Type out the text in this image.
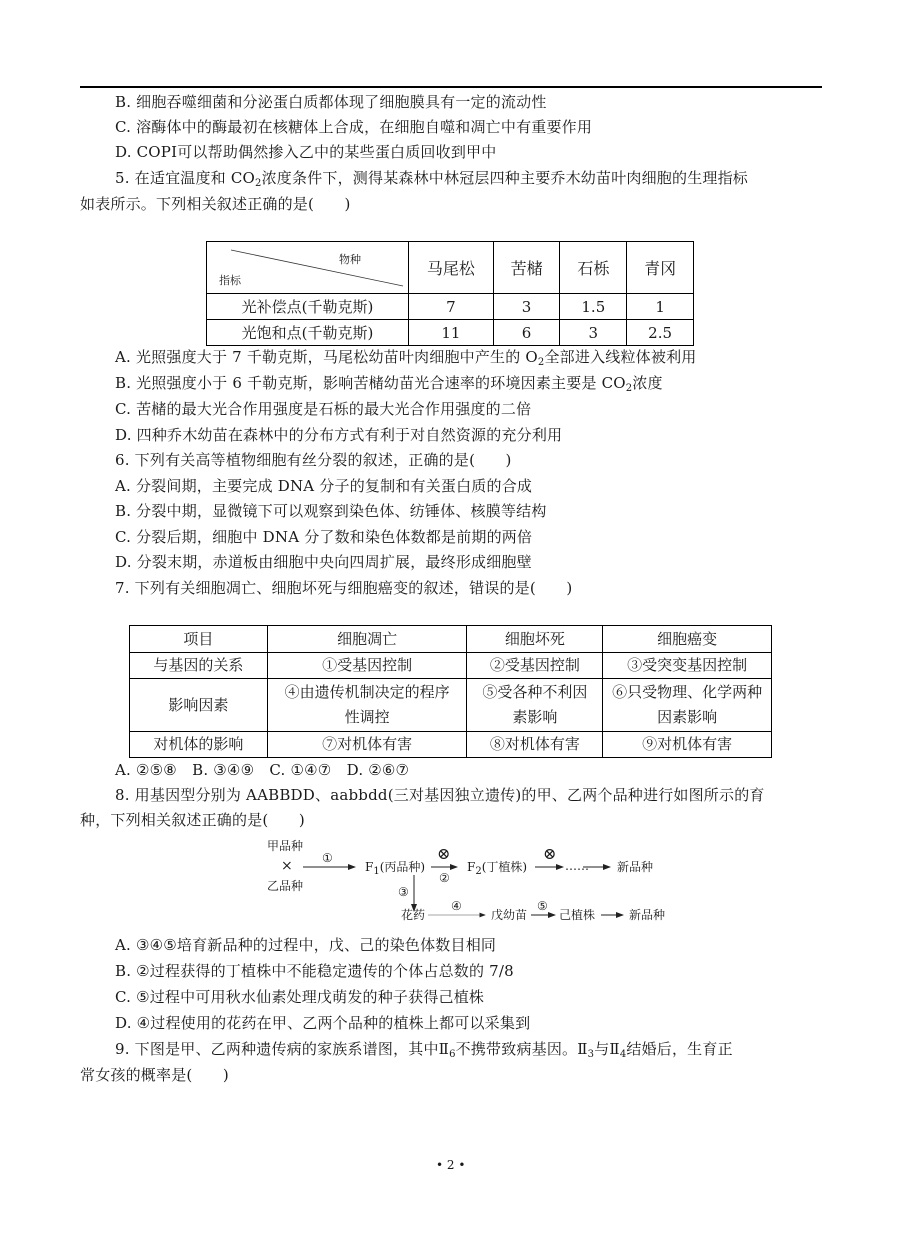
B. 细胞吞噬细菌和分泌蛋白质都体现了细胞膜具有一定的流动性
C. 溶酶体中的酶最初在核糖体上合成，在细胞自噬和凋亡中有重要作用
D. COPⅠ可以帮助偶然掺入乙中的某些蛋白质回收到甲中
5. 在适宜温度和 $CO_2$浓度条件下，测得某森林中林冠层四种主要乔木幼苗叶肉细胞的生理指标
如表所示。下列相关叙述正确的是(　　)
物种
指标	马尾松	苦槠	石栎	青冈
光补偿点(千勒克斯)	7	3	1.5	1
光饱和点(千勒克斯)	11	6	3	2.5
A. 光照强度大于 7 千勒克斯，马尾松幼苗叶肉细胞中产生的 $O_2$全部进入线粒体被利用
B. 光照强度小于 6 千勒克斯，影响苦槠幼苗光合速率的环境因素主要是 $CO_2$浓度
C. 苦槠的最大光合作用强度是石栎的最大光合作用强度的二倍
D. 四种乔木幼苗在森林中的分布方式有利于对自然资源的充分利用
6. 下列有关高等植物细胞有丝分裂的叙述，正确的是(　　)
A. 分裂间期，主要完成 DNA 分子的复制和有关蛋白质的合成
B. 分裂中期，显微镜下可以观察到染色体、纺锤体、核膜等结构
C. 分裂后期，细胞中 DNA 分了数和染色体数都是前期的两倍
D. 分裂末期，赤道板由细胞中央向四周扩展，最终形成细胞壁
7. 下列有关细胞凋亡、细胞坏死与细胞癌变的叙述，错误的是(　　)
项目	细胞凋亡	细胞坏死	细胞癌变
与基因的关系	①受基因控制	②受基因控制	③受突变基因控制
影响因素	④由遗传机制决定的程序性调控	⑤受各种不利因素影响	⑥只受物理、化学两种因素影响
对机体的影响	⑦对机体有害	⑧对机体有害	⑨对机体有害
A. ②⑤⑧　B. ③④⑨　C. ①④⑦　D. ②⑥⑦
8. 用基因型分别为 AABBDD、aabbdd(三对基因独立遗传)的甲、乙两个品种进行如图所示的育
种，下列相关叙述正确的是(　　)
甲品种
×
乙品种
①
$F_1$(丙品种)
⊗
②
$F_2$(丁植株)
⊗
…… 新品种
③
花药
④
戊幼苗
⑤
己植株	新品种
A. ③④⑤培育新品种的过程中，戊、己的染色体数目相同
B. ②过程获得的丁植株中不能稳定遗传的个体占总数的 7/8
C. ⑤过程中可用秋水仙素处理戊萌发的种子获得己植株
D. ④过程使用的花药在甲、乙两个品种的植株上都可以采集到
9. 下图是甲、乙两种遗传病的家族系谱图，其中$Ⅱ_6$不携带致病基因。$Ⅱ_3$与$Ⅱ_4$结婚后，生育正
常女孩的概率是(　　)
• 2 •
